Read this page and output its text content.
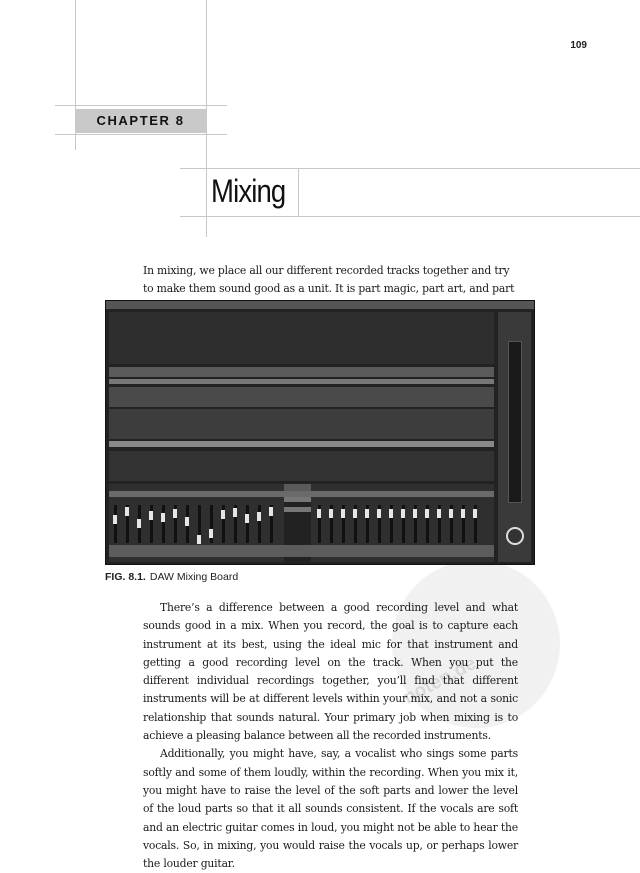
109
CHAPTER 8
Mixing
In mixing, we place all our different recorded tracks together and try to make them sound good as a unit. It is part magic, part art, and part
noten.de
FIG. 8.1. DAW Mixing Board

There’s a difference between a good recording level and what sounds good in a mix. When you record, the goal is to capture each instrument at its best, using the ideal mic for that instrument and getting a good recording level on the track. When you put the different individual recordings together, you’ll find that different instruments will be at different levels within your mix, and not a sonic relationship that sounds natural. Your primary job when mixing is to achieve a pleasing balance between all the recorded instruments.

Additionally, you might have, say, a vocalist who sings some parts softly and some of them loudly, within the recording. When you mix it, you might have to raise the level of the soft parts and lower the level of the loud parts so that it all sounds consistent. If the vocals are soft and an electric guitar comes in loud, you might not be able to hear the vocals. So, in mixing, you would raise the vocals up, or perhaps lower the louder guitar.
